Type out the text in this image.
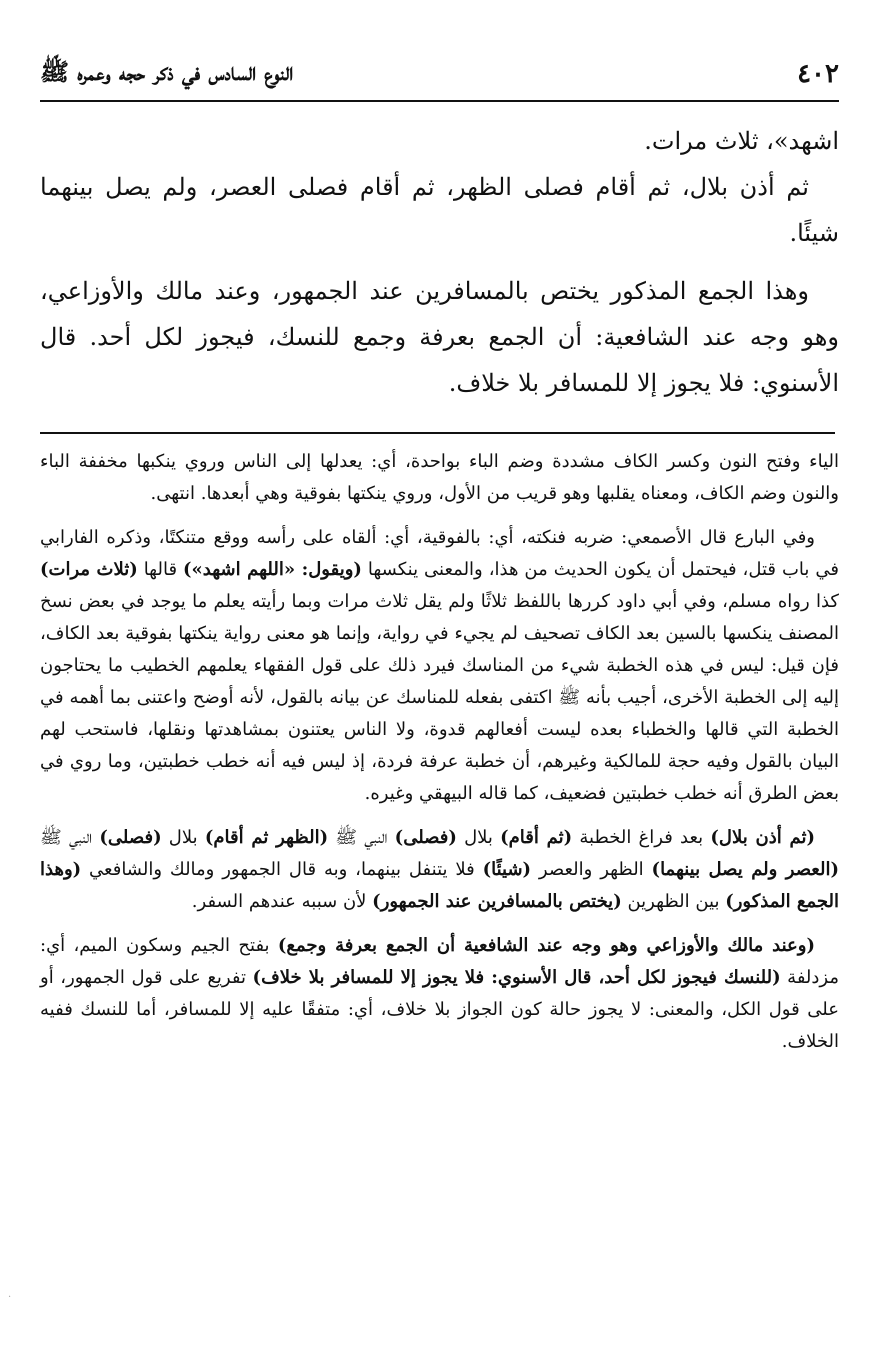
٤٠٢
النوع السادس في ذكر حجه وعمره ﷺ

اشهد»، ثلاث مرات.

ثم أذن بلال، ثم أقام فصلى الظهر، ثم أقام فصلى العصر، ولم يصل بينهما شيئًا.

وهذا الجمع المذكور يختص بالمسافرين عند الجمهور، وعند مالك والأوزاعي، وهو وجه عند الشافعية: أن الجمع بعرفة وجمع للنسك، فيجوز لكل أحد. قال الأسنوي: فلا يجوز إلا للمسافر بلا خلاف.

الياء وفتح النون وكسر الكاف مشددة وضم الباء بواحدة، أي: يعدلها إلى الناس وروي ينكبها مخففة الباء والنون وضم الكاف، ومعناه يقلبها وهو قريب من الأول، وروي ينكتها بفوقية وهي أبعدها. انتهى.

وفي البارع قال الأصمعي: ضربه فنكته، أي: بالفوقية، أي: ألقاه على رأسه ووقع متنكتًا، وذكره الفارابي في باب قتل، فيحتمل أن يكون الحديث من هذا، والمعنى ينكسها (ويقول: «اللهم اشهد») قالها (ثلاث مرات) كذا رواه مسلم، وفي أبي داود كررها باللفظ ثلاثًا ولم يقل ثلاث مرات وبما رأيته يعلم ما يوجد في بعض نسخ المصنف ينكسها بالسين بعد الكاف تصحيف لم يجيء في رواية، وإنما هو معنى رواية ينكتها بفوقية بعد الكاف، فإن قيل: ليس في هذه الخطبة شيء من المناسك فيرد ذلك على قول الفقهاء يعلمهم الخطيب ما يحتاجون إليه إلى الخطبة الأخرى، أجيب بأنه ﷺ اكتفى بفعله للمناسك عن بيانه بالقول، لأنه أوضح واعتنى بما أهمه في الخطبة التي قالها والخطباء بعده ليست أفعالهم قدوة، ولا الناس يعتنون بمشاهدتها ونقلها، فاستحب لهم البيان بالقول وفيه حجة للمالكية وغيرهم، أن خطبة عرفة فردة، إذ ليس فيه أنه خطب خطبتين، وما روي في بعض الطرق أنه خطب خطبتين فضعيف، كما قاله البيهقي وغيره.

(ثم أذن بلال) بعد فراغ الخطبة (ثم أقام) بلال (فصلى) النبي ﷺ (الظهر ثم أقام) بلال (فصلى) النبي ﷺ (العصر ولم يصل بينهما) الظهر والعصر (شيئًا) فلا يتنفل بينهما، وبه قال الجمهور ومالك والشافعي (وهذا الجمع المذكور) بين الظهرين (يختص بالمسافرين عند الجمهور) لأن سببه عندهم السفر.

(وعند مالك والأوزاعي وهو وجه عند الشافعية أن الجمع بعرفة وجمع) بفتح الجيم وسكون الميم، أي: مزدلفة (للنسك فيجوز لكل أحد، قال الأسنوي: فلا يجوز إلا للمسافر بلا خلاف) تفريع على قول الجمهور، أو على قول الكل، والمعنى: لا يجوز حالة كون الجواز بلا خلاف، أي: متفقًا عليه إلا للمسافر، أما للنسك ففيه الخلاف.

·
